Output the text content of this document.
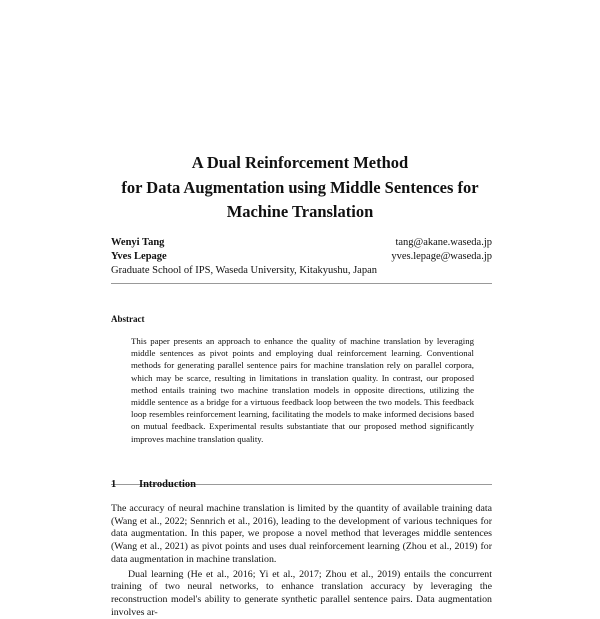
A Dual Reinforcement Method
for Data Augmentation using Middle Sentences for
Machine Translation
Wenyi Tang	tang@akane.waseda.jp
Yves Lepage	yves.lepage@waseda.jp
Graduate School of IPS, Waseda University, Kitakyushu, Japan
Abstract
This paper presents an approach to enhance the quality of machine translation by leveraging middle sentences as pivot points and employing dual reinforcement learning. Conventional methods for generating parallel sentence pairs for machine translation rely on parallel corpora, which may be scarce, resulting in limitations in translation quality. In contrast, our proposed method entails training two machine translation models in opposite directions, utilizing the middle sentence as a bridge for a virtuous feedback loop between the two models. This feedback loop resembles reinforcement learning, facilitating the models to make informed decisions based on mutual feedback. Experimental results substantiate that our proposed method significantly improves machine translation quality.
1 Introduction

The accuracy of neural machine translation is limited by the quantity of available training data (Wang et al., 2022; Sennrich et al., 2016), leading to the development of various techniques for data augmentation. In this paper, we propose a novel method that leverages middle sentences (Wang et al., 2021) as pivot points and uses dual reinforcement learning (Zhou et al., 2019) for data augmentation in machine translation.

Dual learning (He et al., 2016; Yi et al., 2017; Zhou et al., 2019) entails the concurrent training of two neural networks, to enhance translation accuracy by leveraging the reconstruction model's ability to generate synthetic parallel sentence pairs. Data augmentation involves ar-
